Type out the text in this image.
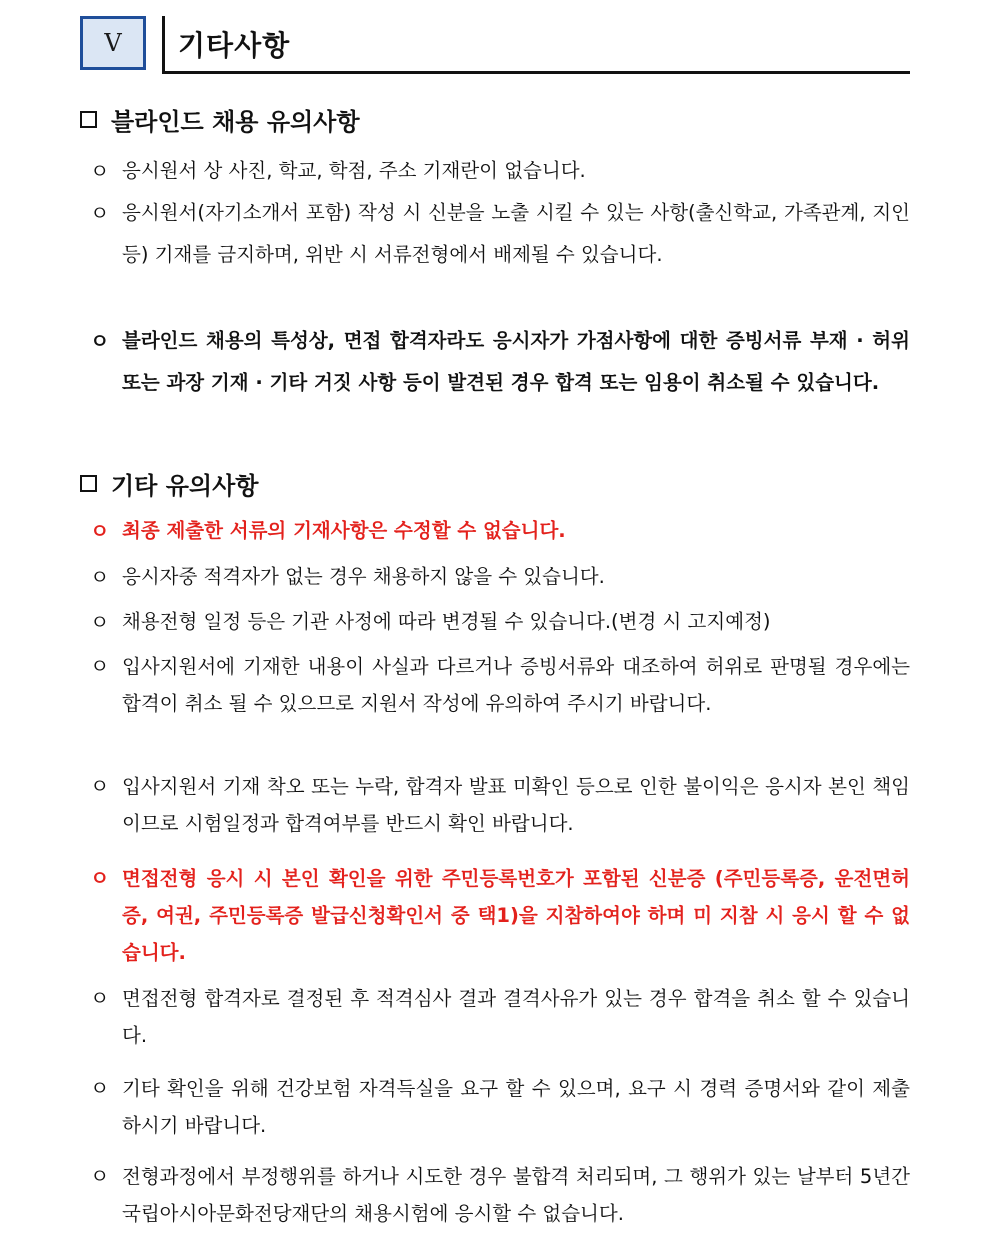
Ⅴ	기타사항
블라인드 채용 유의사항
ㅇ 응시원서 상 사진, 학교, 학점, 주소 기재란이 없습니다.
ㅇ 응시원서(자기소개서 포함) 작성 시 신분을 노출 시킬 수 있는 사항(출신학교, 가족관계, 지인 등) 기재를 금지하며, 위반 시 서류전형에서 배제될 수 있습니다.
ㅇ 블라인드 채용의 특성상, 면접 합격자라도 응시자가 가점사항에 대한 증빙서류 부재 · 허위 또는 과장 기재 · 기타 거짓 사항 등이 발견된 경우 합격 또는 임용이 취소될 수 있습니다.
기타 유의사항
ㅇ 최종 제출한 서류의 기재사항은 수정할 수 없습니다.
ㅇ 응시자중 적격자가 없는 경우 채용하지 않을 수 있습니다.
ㅇ 채용전형 일정 등은 기관 사정에 따라 변경될 수 있습니다.(변경 시 고지예정)
ㅇ 입사지원서에 기재한 내용이 사실과 다르거나 증빙서류와 대조하여 허위로 판명될 경우에는 합격이 취소 될 수 있으므로 지원서 작성에 유의하여 주시기 바랍니다.
ㅇ 입사지원서 기재 착오 또는 누락, 합격자 발표 미확인 등으로 인한 불이익은 응시자 본인 책임이므로 시험일정과 합격여부를 반드시 확인 바랍니다.
ㅇ 면접전형 응시 시 본인 확인을 위한 주민등록번호가 포함된 신분증 (주민등록증, 운전면허증, 여권, 주민등록증 발급신청확인서 중 택1)을 지참하여야 하며 미 지참 시 응시 할 수 없습니다.
ㅇ 면접전형 합격자로 결정된 후 적격심사 결과 결격사유가 있는 경우 합격을 취소 할 수 있습니다.
ㅇ 기타 확인을 위해 건강보험 자격득실을 요구 할 수 있으며, 요구 시 경력 증명서와 같이 제출하시기 바랍니다.
ㅇ 전형과정에서 부정행위를 하거나 시도한 경우 불합격 처리되며, 그 행위가 있는 날부터 5년간 국립아시아문화전당재단의 채용시험에 응시할 수 없습니다.
